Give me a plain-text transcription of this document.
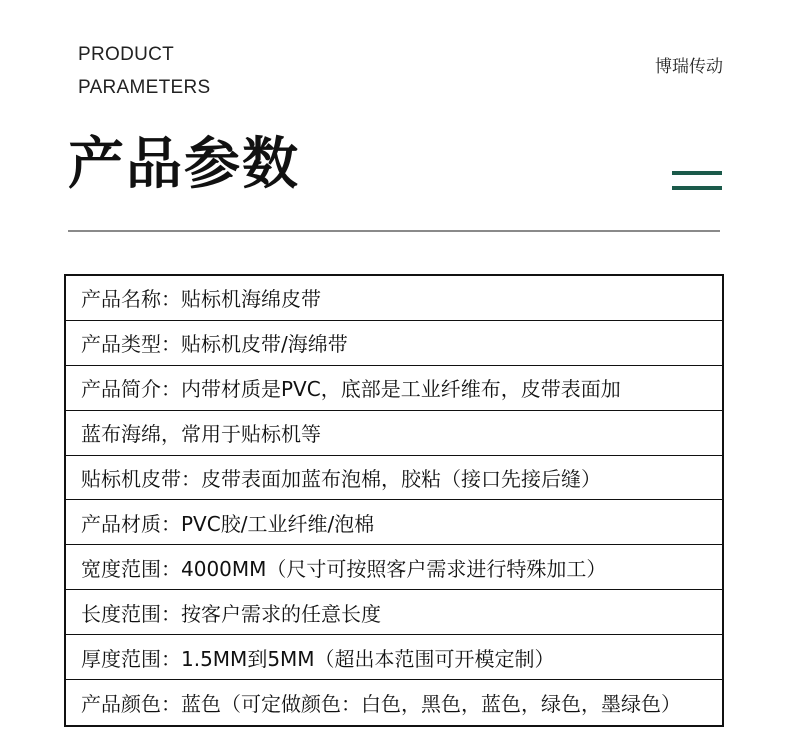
PRODUCT
PARAMETERS
博瑞传动
产品参数
产品名称：贴标机海绵皮带
产品类型：贴标机皮带/海绵带
产品简介：内带材质是PVC，底部是工业纤维布，皮带表面加
蓝布海绵，常用于贴标机等
贴标机皮带：皮带表面加蓝布泡棉，胶粘（接口先接后缝）
产品材质：PVC胶/工业纤维/泡棉
宽度范围：4000MM（尺寸可按照客户需求进行特殊加工）
长度范围：按客户需求的任意长度
厚度范围：1.5MM到5MM（超出本范围可开模定制）
产品颜色：蓝色（可定做颜色：白色，黑色，蓝色，绿色，墨绿色）
